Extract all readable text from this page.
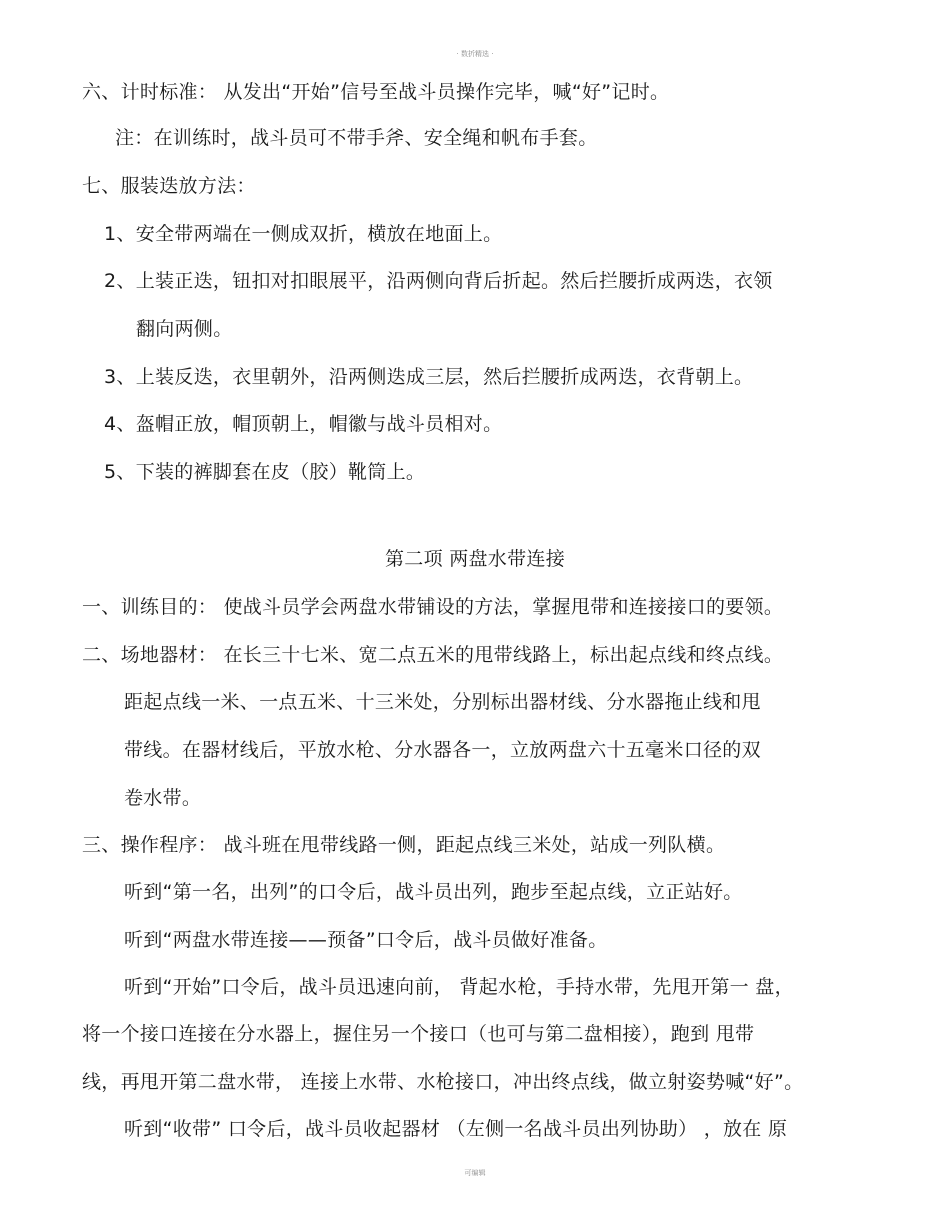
· 数折精选 ·
六、计时标准： 从发出“开始”信号至战斗员操作完毕，喊“好”记时。
注：在训练时，战斗员可不带手斧、安全绳和帆布手套。
七、服装迭放方法：
1、安全带两端在一侧成双折，横放在地面上。
2、上装正迭，钮扣对扣眼展平，沿两侧向背后折起。然后拦腰折成两迭，衣领
翻向两侧。
3、上装反迭，衣里朝外，沿两侧迭成三层，然后拦腰折成两迭，衣背朝上。
4、盔帽正放，帽顶朝上，帽徽与战斗员相对。
5、下装的裤脚套在皮（胶）靴筒上。
第二项 两盘水带连接
一、训练目的： 使战斗员学会两盘水带铺设的方法，掌握甩带和连接接口的要领。
二、场地器材： 在长三十七米、宽二点五米的甩带线路上，标出起点线和终点线。
距起点线一米、一点五米、十三米处，分别标出器材线、分水器拖止线和甩
带线。在器材线后，平放水枪、分水器各一，立放两盘六十五毫米口径的双
卷水带。
三、操作程序： 战斗班在甩带线路一侧，距起点线三米处，站成一列队横。
听到“第一名，出列”的口令后，战斗员出列，跑步至起点线，立正站好。
听到“两盘水带连接——预备”口令后，战斗员做好准备。
听到“开始”口令后，战斗员迅速向前， 背起水枪，手持水带，先甩开第一 盘，
将一个接口连接在分水器上，握住另一个接口（也可与第二盘相接），跑到 甩带
线，再甩开第二盘水带， 连接上水带、水枪接口，冲出终点线，做立射姿势喊“好”。
听到“收带” 口令后，战斗员收起器材 （左侧一名战斗员出列协助） ，放在 原
可编辑
